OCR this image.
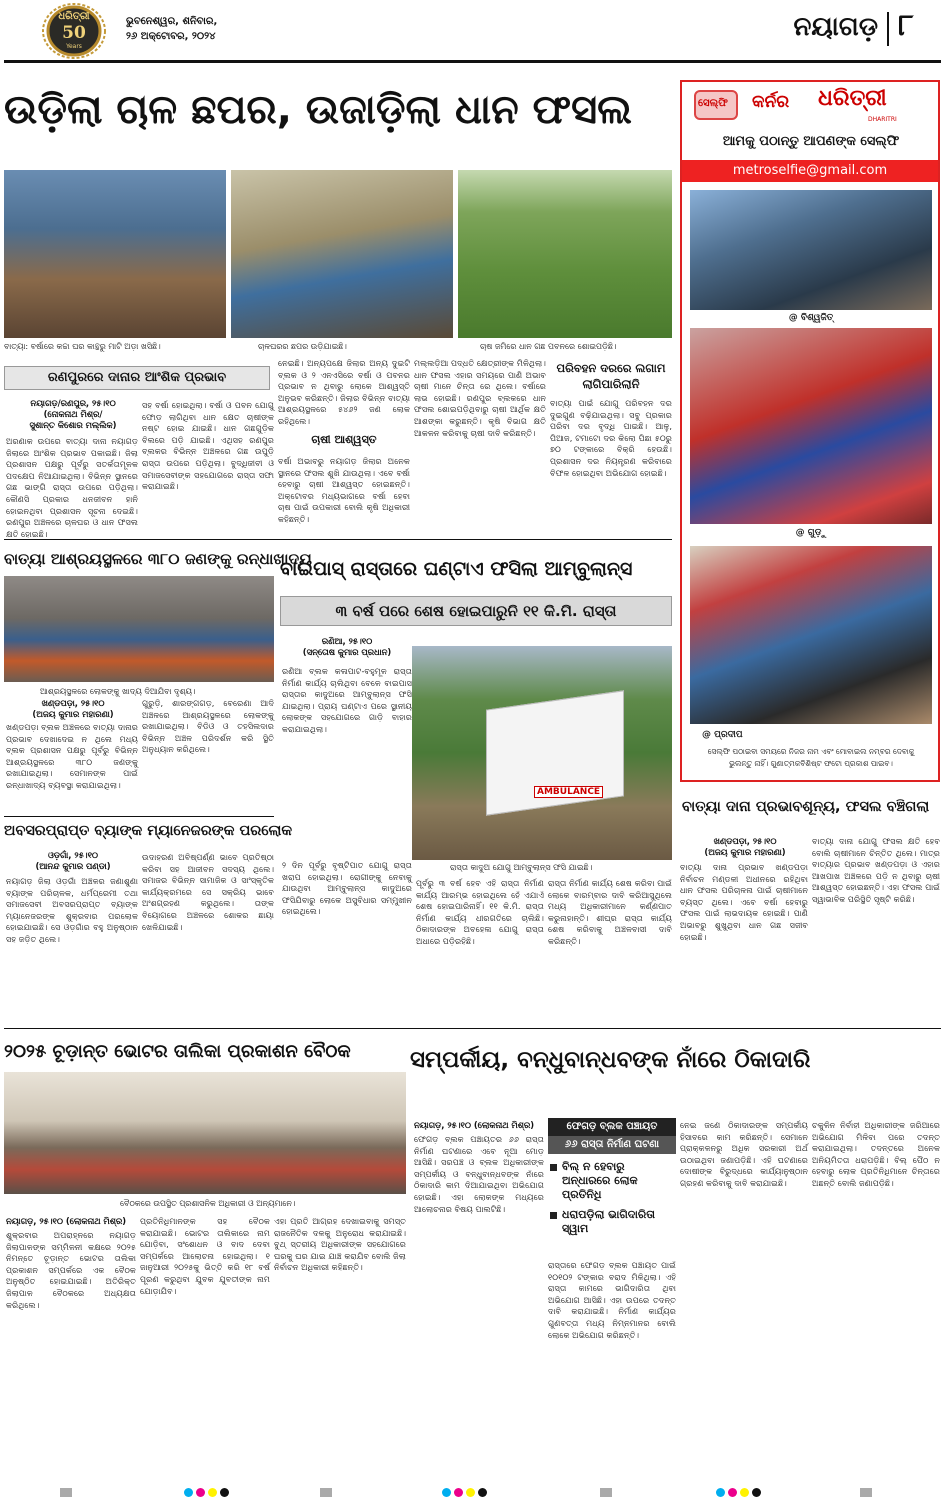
ଧରିତ୍ରୀ
50
Years
ଭୁବନେଶ୍ୱର, ଶନିବାର,
୨୬ ଅକ୍ଟୋବର, ୨୦୨୪	ନୟାଗଡ଼ ୮
ଉଡ଼ିଲା ଚାଳ ଛପର, ଉଜାଡ଼ିଲା ଧାନ ଫସଲ
ବାତ୍ୟା: ବର୍ଷାରେ କଚ୍ଚା ଘର କାନ୍ଥରୁ ମାଟି ଅଡ଼ା ଖସିଛି।	ଚାଳଘରର ଛପର ଉଡ଼ିଯାଇଛି।	ଚାଷ ଜମିରେ ଧାନ ଗଛ ପବନରେ ଶୋଇପଡ଼ିଛି।
ରଣପୁରରେ ଦାନାର ଆଂଶିକ ପ୍ରଭାବ
ନୟାଗଡ଼/ରଣପୁର, ୨୫।୧୦
(ନୋକନାଥ ମିଶ୍ର/
ସୁଶାନ୍ତ କିଶୋର ମଲ୍ଲିକ)
ଅରଣାକ ଉପରେ ବାତ୍ୟା ଦାନା ନୟାଗଡ଼ ଜିଲାରେ ଆଂଶିକ ପ୍ରଭାବ ପକାଇଛି। ଜିଲା ପ୍ରଶାସନ ପକ୍ଷରୁ ପୂର୍ବରୁ ସତର୍କତାମୂଳକ ପଦକ୍ଷେପ ନିଆଯାଇଥିଲା। ବିଭିନ୍ନ ସ୍ଥାନରେ ଗଛ ଭାଙ୍ଗି ରାସ୍ତା ଉପରେ ପଡ଼ିଥିଲା। କୌଣସି ପ୍ରକାର ଧନଜୀବନ ହାନି ହୋଇନଥିବା ପ୍ରଶାସନ ସୂଚନା ଦେଇଛି। ରଣପୁର ଅଞ୍ଚଳରେ ଚାଳଘର ଓ ଧାନ ଫସଲ କ୍ଷତି ହୋଇଛି।
ସହ ବର୍ଷା ହୋଇଥିଲା। ବର୍ଷା ଓ ପବନ ଯୋଗୁ ଫୋଡ଼ ଲାଗିଥିବା ଧାନ କ୍ଷେତ ଚାଷୀଙ୍କ ନଷ୍ଟ ହୋଇ ଯାଇଛି। ଧାନ ଗଛଗୁଡ଼ିକ ବିଲରେ ପଡ଼ି ଯାଇଛି। ଏଥିସହ ରଣପୁର ବ୍ଲକର ବିଭିନ୍ନ ଅଞ୍ଚଳରେ ଗଛ ଉପୁଡ଼ି ରାସ୍ତା ଉପରେ ପଡ଼ିଥିଲା। ବୁଦ୍ଧିଜୀବୀ ଓ ସମାଜସେବୀଙ୍କ ସହଯୋଗରେ ରାସ୍ତା ସଫା କରାଯାଇଛି।
ନେଇଛି। ଅନ୍ୟପକ୍ଷେ ଜିଲାର ଅନ୍ୟ ଦୁଇଟି ବ୍ଲକ ଓ ୨ ଏନଏସିରେ ବର୍ଷା ଓ ପବନର ପ୍ରଭାବ ନ ଥିବାରୁ ଲୋକେ ଆଶ୍ୱସ୍ତି ଅନୁଭବ କରିଛନ୍ତି। ଜିଲାର ବିଭିନ୍ନ ବାତ୍ୟା ଆଶ୍ରୟସ୍ଥଳରେ ୫୪୬୨ ଜଣ ଲୋକ ରହିଥିଲେ।
ଚାଷୀ ଆଶ୍ୱସ୍ତ
ବର୍ଷା ଅଭାବରୁ ନୟାଗଡ଼ ଜିଲାର ଅନେକ ସ୍ଥାନରେ ଫସଲ ଶୁଖି ଯାଉଥିଲା। ଏବେ ବର୍ଷା ହେବାରୁ ଚାଷୀ ଆଶ୍ୱସ୍ତ ହୋଇଛନ୍ତି। ଅକ୍ଟୋବର ମଧ୍ୟଭାଗରେ ବର୍ଷା ହେବା ଚାଷ ପାଇଁ ଉପକାରୀ ବୋଲି କୃଷି ଅଧିକାରୀ କହିଛନ୍ତି।
ମଲ୍ଲଡ଼ିଆ ପଦ୍ଧତି କ୍ଷେତ୍ରୀଙ୍କ ମିଳିଥିଲା। ଧାନ ଫସଲ ଏହାର ସମୟରେ ପାଣି ଅଭାବ ଚାଷୀ ମାନେ ଚିନ୍ତା ରେ ଥିଲେ। ବର୍ଷାରେ ଲାଭ ହୋଇଛି। ରଣପୁର ବ୍ଲକରେ ଧାନ ଫସଲ ଶୋଇପଡ଼ିଥିବାରୁ ଚାଷୀ ଆର୍ଥିକ କ୍ଷତି ଆଶଙ୍କା କରୁଛନ୍ତି। କୃଷି ବିଭାଗ କ୍ଷତି ଆକଳନ କରିବାକୁ ଚାଷୀ ଦାବି କରିଛନ୍ତି।
ପରିବହନ ଦରରେ ଲଗାମ ଲାଗିପାରିଲାନି
ବାତ୍ୟା ପାଇଁ ଯୋଗୁ ପରିବହନ ଦର ଦୁଇଗୁଣ ବଢ଼ିଯାଇଥିଲା। ସବୁ ପ୍ରକାର ପରିବା ଦର ବୃଦ୍ଧି ପାଇଛି। ଆଳୁ, ପିଆଜ, ଟମାଟୋ ଦର କିଲୋ ପିଛା ୫୦ରୁ ୭୦ ଟଙ୍କାରେ ବିକ୍ରି ହେଉଛି। ପ୍ରଶାସନ ଦର ନିୟନ୍ତ୍ରଣ କରିବାରେ ବିଫଳ ହୋଇଥିବା ଅଭିଯୋଗ ହୋଇଛି।
ସେଲ୍ଫି କର୍ନର ଧରିତ୍ରୀ
DHARITRI
ଆମକୁ ପଠାନ୍ତୁ ଆପଣଙ୍କ ସେଲ୍ଫି
metroselfie@gmail.com
@ ବିଶ୍ୱଜିତ୍
@ ଗୁଡ଼ୁ
@ ପ୍ରଦୀପ
ସେଲ୍ଫି ପଠାଇବା ସମୟରେ ନିଜର ନାମ ଏବଂ ମୋବାଇଲ ନମ୍ବର ଦେବାକୁ
ଭୁଲନ୍ତୁ ନାହିଁ। ଗୁଣାତ୍ମକବିଶିଷ୍ଟ ଫଟୋ ପ୍ରକାଶ ପାଇବ।
ବାତ୍ୟା ଆଶ୍ରୟସ୍ଥଳରେ ୩୮୦ ଜଣଙ୍କୁ ରନ୍ଧାଖାଦ୍ୟ
ଆଶ୍ରୟସ୍ଥଳରେ ଲୋକଙ୍କୁ ଖାଦ୍ୟ ଦିଆଯିବା ଦୃଶ୍ୟ।
ଖଣ୍ଡପଡ଼ା, ୨୫।୧୦
(ଅଜୟ କୁମାର ମହାରଣା)
ଖଣ୍ଡପଡ଼ା ବ୍ଲକ ଅଞ୍ଚଳରେ ବାତ୍ୟା ଦାନାର ପ୍ରଭାବ ଦେଖାଦେଇ ନ ଥିଲେ ମଧ୍ୟ ବ୍ଲକ ପ୍ରଶାସନ ପକ୍ଷରୁ ପୂର୍ବରୁ ବିଭିନ୍ନ ଆଶ୍ରୟସ୍ଥଳରେ ୩୮୦ ଜଣଙ୍କୁ ରଖାଯାଇଥିଲା। ସେମାନଙ୍କ ପାଇଁ ରନ୍ଧାଖାଦ୍ୟ ବ୍ୟବସ୍ଥା କରାଯାଇଥିଲା।
ଗୁରୁଡ଼ି, ଶାରଙ୍ଗଗଡ଼, ବେରେଣା ଆଦି ଅଞ୍ଚଳରେ ଆଶ୍ରୟସ୍ଥଳରେ ଲୋକଙ୍କୁ ରଖାଯାଇଥିଲା। ବିଡିଓ ଓ ତହସିଲଦାର ବିଭିନ୍ନ ଅଞ୍ଚଳ ପରିଦର୍ଶନ କରି ସ୍ଥିତି ଅନୁଧ୍ୟାନ କରିଥିଲେ।
ଅବସରପ୍ରାପ୍ତ ବ୍ୟାଙ୍କ ମ୍ୟାନେଜରଙ୍କ ପରଲୋକ
ଓଡ଼ଗାଁ, ୨୫।୧୦
(ଆନନ୍ଦ କୁମାର ପଣ୍ଡା)
ନୟାଗଡ଼ ଜିଲା ଓଡ଼ଗାଁ ଅଞ୍ଚଳର ଜଣାଶୁଣା ବ୍ୟାଙ୍କ ପରିଚାଳକ, ଧର୍ମପ୍ରେମୀ ତଥା ସମାଜସେବୀ ଅବସରପ୍ରାପ୍ତ ବ୍ୟାଙ୍କ ମ୍ୟାନେଜରଙ୍କ ଶୁକ୍ରବାର ପରଲୋକ ହୋଇଯାଇଛି। ସେ ଓଡ଼ଗାଁର ବହୁ ଅନୁଷ୍ଠାନ ସହ ଜଡ଼ିତ ଥିଲେ।
ଉଦାହରଣ ଅବିଷ୍ପର୍ଣ୍ଣ ଭାବେ ପ୍ରତିଷ୍ଠା କରିବା ସହ ଆଜୀବନ ସଦସ୍ୟ ଥିଲେ। ସମାଜର ବିଭିନ୍ନ ସାମାଜିକ ଓ ସାଂସ୍କୃତିକ କାର୍ଯ୍ୟକ୍ରମରେ ସେ ସକ୍ରିୟ ଭାବେ ଅଂଶଗ୍ରହଣ କରୁଥିଲେ। ତାଙ୍କ ବିୟୋଗରେ ଅଞ୍ଚଳରେ ଶୋକର ଛାୟା ଖେଳିଯାଇଛି।
ବାଇପାସ୍ ରାସ୍ତାରେ ଘଣ୍ଟାଏ ଫସିଲା ଆମ୍ବୁଲାନ୍ସ
୩ ବର୍ଷ ପରେ ଶେଷ ହୋଇପାରୁନି ୧୧ କି.ମି. ରାସ୍ତା
ରଣିଆ, ୨୫।୧୦
(ସନ୍ତୋଷ କୁମାର ପ୍ରଧାନ)
ରଣିଆ ବ୍ଲକ କଳାପାଟ-ବହୁମୂଳ ରାସ୍ତା ନିର୍ମାଣ କାର୍ଯ୍ୟ ଚାଲିଥିବା ବେଳେ ବାଇପାସ ରାସ୍ତାର କାଦୁଅରେ ଆମ୍ବୁଲାନ୍ସ ଫସି ଯାଇଥିଲା। ପ୍ରାୟ ଘଣ୍ଟାଏ ପରେ ସ୍ଥାନୀୟ ଲୋକଙ୍କ ସହଯୋଗରେ ଗାଡ଼ି ବାହାର କରାଯାଇଥିଲା।
AMBULANCE
ରାସ୍ତା କାଦୁଅ ଯୋଗୁ ଆମ୍ବୁଲାନ୍ସ ଫସି ଯାଇଛି।
୨ ଦିନ ପୂର୍ବରୁ ବୃଷ୍ଟିପାତ ଯୋଗୁ ରାସ୍ତା ଖରାପ ହୋଇଥିଲା। ରୋଗୀଙ୍କୁ ନେବାକୁ ଯାଉଥିବା ଆମ୍ବୁଲାନ୍ସ କାଦୁଅରେ ଫସିଯିବାରୁ ଲୋକେ ଅସୁବିଧାର ସମ୍ମୁଖୀନ ହୋଇଥିଲେ।
ପୂର୍ବରୁ ୩ ବର୍ଷ ହେବ ଏହି ରାସ୍ତା ନିର୍ମାଣ କାର୍ଯ୍ୟ ଆରମ୍ଭ ହୋଇଥିଲେ ହେଁ ଏଯାଏଁ ଶେଷ ହୋଇପାରିନାହିଁ। ୧୧ କି.ମି. ରାସ୍ତା ନିର୍ମାଣ କାର୍ଯ୍ୟ ଧୀରଗତିରେ ଚାଲିଛି। ଠିକାଦାରଙ୍କ ଅବହେଳା ଯୋଗୁ ରାସ୍ତା ଅଧାରେ ପଡ଼ିରହିଛି।
ରାସ୍ତା ନିର୍ମାଣ କାର୍ଯ୍ୟ ଶେଷ କରିବା ପାଇଁ ଲୋକେ ବାରମ୍ବାର ଦାବି କରିଆସୁଥିଲେ ମଧ୍ୟ ଅଧିକାରୀମାନେ କର୍ଣ୍ଣପାତ କରୁନାହାନ୍ତି। ଶୀଘ୍ର ରାସ୍ତା କାର୍ଯ୍ୟ ଶେଷ କରିବାକୁ ଅଞ୍ଚଳବାସୀ ଦାବି କରିଛନ୍ତି।
ବାତ୍ୟା ଦାନା ପ୍ରଭାବଶୂନ୍ୟ, ଫସଲ ବଞ୍ଚିଗଲା
ଖଣ୍ଡପଡ଼ା, ୨୫।୧୦
(ଅଜୟ କୁମାର ମହାରଣା)
ବାତ୍ୟା ଦାନା ପ୍ରଭାବ ଖଣ୍ଡପଡ଼ା ନିର୍ବାଚନ ମଣ୍ଡଳୀ ଅଧୀନରେ ରହିଥିବା ଧାନ ଫସଲ ପରିଚାଳନା ପାଇଁ ଚାଷୀମାନେ ବ୍ୟସ୍ତ ଥିଲେ। ଏବେ ବର୍ଷା ହେବାରୁ ଫସଲ ପାଇଁ ଲାଭଦାୟକ ହୋଇଛି। ପାଣି ଅଭାବରୁ ଶୁଖୁଥିବା ଧାନ ଗଛ ସଜୀବ ହୋଇଛି।
ବାତ୍ୟା ଦାନା ଯୋଗୁ ଫସଲ କ୍ଷତି ହେବ ବୋଲି ଚାଷୀମାନେ ଚିନ୍ତିତ ଥିଲେ। ମାତ୍ର ବାତ୍ୟାର ପ୍ରଭାବ ଖଣ୍ଡପଡ଼ା ଓ ଏହାର ଆଖପାଖ ଅଞ୍ଚଳରେ ପଡ଼ି ନ ଥିବାରୁ ଚାଷୀ ଆଶ୍ୱସ୍ତ ହୋଇଛନ୍ତି। ଏହା ଫସଲ ପାଇଁ ସ୍ୱାଭାବିକ ପରିସ୍ଥିତି ସୃଷ୍ଟି କରିଛି।
୨୦୨୫ ଚୂଡ଼ାନ୍ତ ଭୋଟର ତାଲିକା ପ୍ରକାଶନ ବୈଠକ
ବୈଠକରେ ଉପସ୍ଥିତ ପ୍ରଶାସନିକ ଅଧିକାରୀ ଓ ଅନ୍ୟମାନେ।
ନୟାଗଡ଼, ୨୫।୧୦ (ଲୋକନାଥ ମିଶ୍ର)
ଶୁକ୍ରବାର ଅପରାହ୍ନରେ ନୟାଗଡ଼ ଜିଲାପାଳଙ୍କ ସମ୍ମିଳନୀ କକ୍ଷରେ ୨୦୨୫ ନିମନ୍ତେ ଚୂଡ଼ାନ୍ତ ଭୋଟର ତାଲିକା ପ୍ରକାଶନ ସମ୍ପର୍କରେ ଏକ ବୈଠକ ଅନୁଷ୍ଠିତ ହୋଇଯାଇଛି। ଅତିରିକ୍ତ ଜିଲାପାଳ ବୈଠକରେ ଅଧ୍ୟକ୍ଷତା କରିଥିଲେ।
ପ୍ରତିନିଧିମାନଙ୍କ ସହ ବୈଠକ କରାଯାଇଛି। ଭୋଟର ତାଲିକାରେ ନାମ ଯୋଡ଼ିବା, ସଂଶୋଧନ ଓ ବାଦ ଦେବା ସମ୍ପର୍କରେ ଆଲୋଚନା ହୋଇଥିଲା। ୧ ଜାନୁଆରୀ ୨୦୨୫କୁ ଭିତ୍ତି କରି ୧୮ ବର୍ଷ ପୂରଣ କରୁଥିବା ଯୁବକ ଯୁବତୀଙ୍କ ନାମ ଯୋଡ଼ାଯିବ।
ଏହା ପ୍ରତି ଆଗ୍ରହ ଦେଖାଇବାକୁ ସମସ୍ତ ରାଜନୈତିକ ଦଳକୁ ଅନୁରୋଧ କରାଯାଇଛି। ବୁଥ୍ ସ୍ତରୀୟ ଅଧିକାରୀଙ୍କ ସହଯୋଗରେ ଘରକୁ ଘର ଯାଇ ଯାଞ୍ଚ କରାଯିବ ବୋଲି ଜିଲା ନିର୍ବାଚନ ଅଧିକାରୀ କହିଛନ୍ତି।
ସମ୍ପର୍କୀୟ, ବନ୍ଧୁବାନ୍ଧବଙ୍କ ନାଁରେ ଠିକାଦାରି
ନୟାଗଡ଼, ୨୫।୧୦ (ଲୋକନାଥ ମିଶ୍ର)
ଫେଗଡ଼ ବ୍ଲକ ପଞ୍ଚାୟତର ୬୬ ରାସ୍ତା ନିର୍ମାଣ ଘଟଣାରେ ଏବେ ନୂଆ ମୋଡ଼ ଆସିଛି। ସରପଞ୍ଚ ଓ ବ୍ଲକ ଅଧିକାରୀଙ୍କ ସମ୍ପର୍କୀୟ ଓ ବନ୍ଧୁବାନ୍ଧବଙ୍କ ନାଁରେ ଠିକାଦାରି କାମ ଦିଆଯାଇଥିବା ଅଭିଯୋଗ ହୋଇଛି। ଏହା ଲୋକଙ୍କ ମଧ୍ୟରେ ଆଲୋଚନାର ବିଷୟ ପାଲଟିଛି।
ଫେଗଡ଼ ବ୍ଲକ ପଞ୍ଚାୟତ
୬୬ ରାସ୍ତା ନିର୍ମାଣ ଘଟଣା
ବିଲ୍ ନ ହେବାରୁ ଅନ୍ଧାରରେ ଲୋକ ପ୍ରତିନିଧି
ଧରାପଡ଼ିଲା ଭାଗିଦାରିତା ସ୍ୱାମ
ରାସ୍ତାରେ ଫେଗଡ଼ ବ୍ଲକ ପଞ୍ଚାୟତ ପାଇଁ ୧୦୧୦୨ ଟଙ୍କାର ବରାଦ ମିଳିଥିଲା। ଏହି ରାସ୍ତା କାମରେ ଭାଗିଦାରିତା ଥିବା ଅଭିଯୋଗ ଆସିଛି। ଏହା ଉପରେ ତଦନ୍ତ ଦାବି କରାଯାଇଛି। ନିର୍ମାଣ କାର୍ଯ୍ୟର ଗୁଣବତ୍ତା ମଧ୍ୟ ନିମ୍ନମାନର ବୋଲି ଲୋକେ ଅଭିଯୋଗ କରିଛନ୍ତି।
ନେଇ ଜଣେ ଠିକାଦାରଙ୍କ ସମ୍ପର୍କୀୟ ହିସାବରେ କାମ କରିଛନ୍ତି। ସେମାନେ ପ୍ରାକ୍କଳନରୁ ଅଧିକ ସରକାରୀ ଅର୍ଥ ଉଠାଇଥିବା ଜଣାପଡ଼ିଛି। ଏହି ଘଟଣାରେ ଦୋଷୀଙ୍କ ବିରୁଦ୍ଧରେ କାର୍ଯ୍ୟାନୁଷ୍ଠାନ ଗ୍ରହଣ କରିବାକୁ ଦାବି କରାଯାଇଛି।
ଚକୁଳିନ ନିର୍ବାହୀ ଅଧିକାରୀଙ୍କ ଜରିଆରେ ଅଭିଯୋଗ ମିଳିବା ପରେ ତଦନ୍ତ କରାଯାଇଥିଲା। ତଦନ୍ତରେ ଅନେକ ଅନିୟମିତତା ଧରାପଡ଼ିଛି। ବିଲ୍ ପୈଠ ନ ହେବାରୁ ଲୋକ ପ୍ରତିନିଧିମାନେ ଚିନ୍ତାରେ ଅଛନ୍ତି ବୋଲି ଜଣାପଡ଼ିଛି।
